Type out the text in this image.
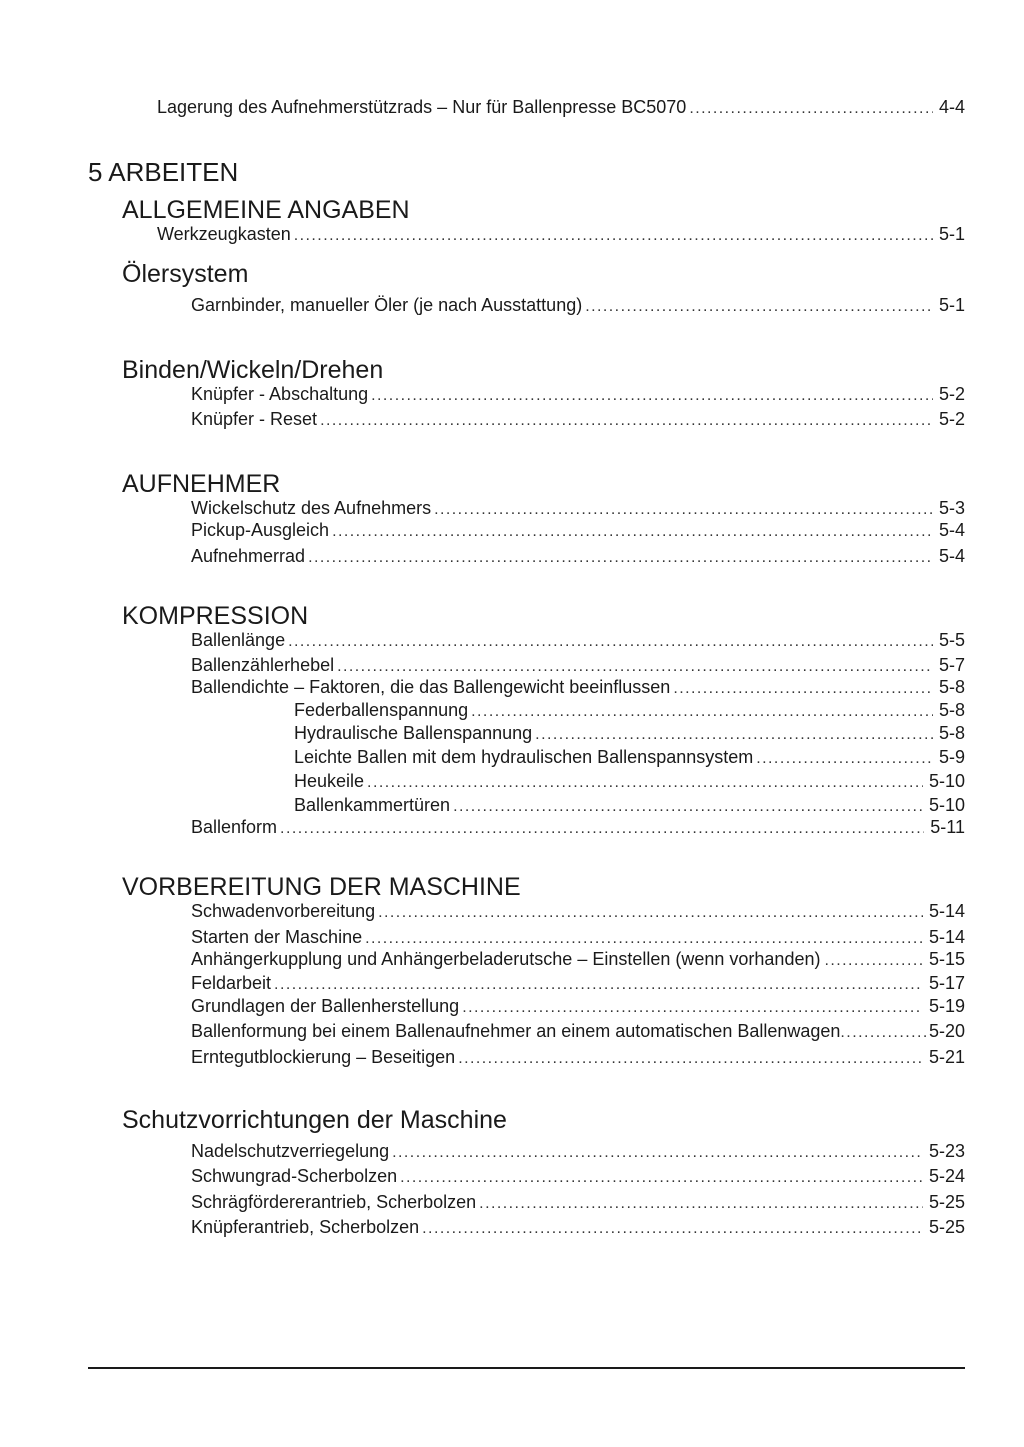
Lagerung des Aufnehmerstützrads – Nur für Ballenpresse BC5070 . . .	4-4
5 ARBEITEN
ALLGEMEINE ANGABEN
Werkzeugkasten . . .	5-1
Ölersystem
Garnbinder, manueller Öler (je nach Ausstattung) . . .	5-1
Binden/Wickeln/Drehen
Knüpfer - Abschaltung . . .	5-2
Knüpfer - Reset . . .	5-2
AUFNEHMER
Wickelschutz des Aufnehmers . . .	5-3
Pickup-Ausgleich . . .	5-4
Aufnehmerrad . . .	5-4
KOMPRESSION
Ballenlänge . . .	5-5
Ballenzählerhebel . . .	5-7
Ballendichte – Faktoren, die das Ballengewicht beeinflussen . . .	5-8
Federballenspannung . . .	5-8
Hydraulische Ballenspannung . . .	5-8
Leichte Ballen mit dem hydraulischen Ballenspannsystem . . .	5-9
Heukeile . . .	5-10
Ballenkammertüren . . .	5-10
Ballenform . . .	5-11
VORBEREITUNG DER MASCHINE
Schwadenvorbereitung . . .	5-14
Starten der Maschine . . .	5-14
Anhängerkupplung und Anhängerbeladerutsche – Einstellen (wenn vorhanden) . . .	5-15
Feldarbeit . . .	5-17
Grundlagen der Ballenherstellung . . .	5-19
Ballenformung bei einem Ballenaufnehmer an einem automatischen Ballenwagen . . .	5-20
Erntegutblockierung – Beseitigen . . .	5-21
Schutzvorrichtungen der Maschine
Nadelschutzverriegelung . . .	5-23
Schwungrad-Scherbolzen . . .	5-24
Schrägfördererantrieb, Scherbolzen . . .	5-25
Knüpferantrieb, Scherbolzen . . .	5-25
